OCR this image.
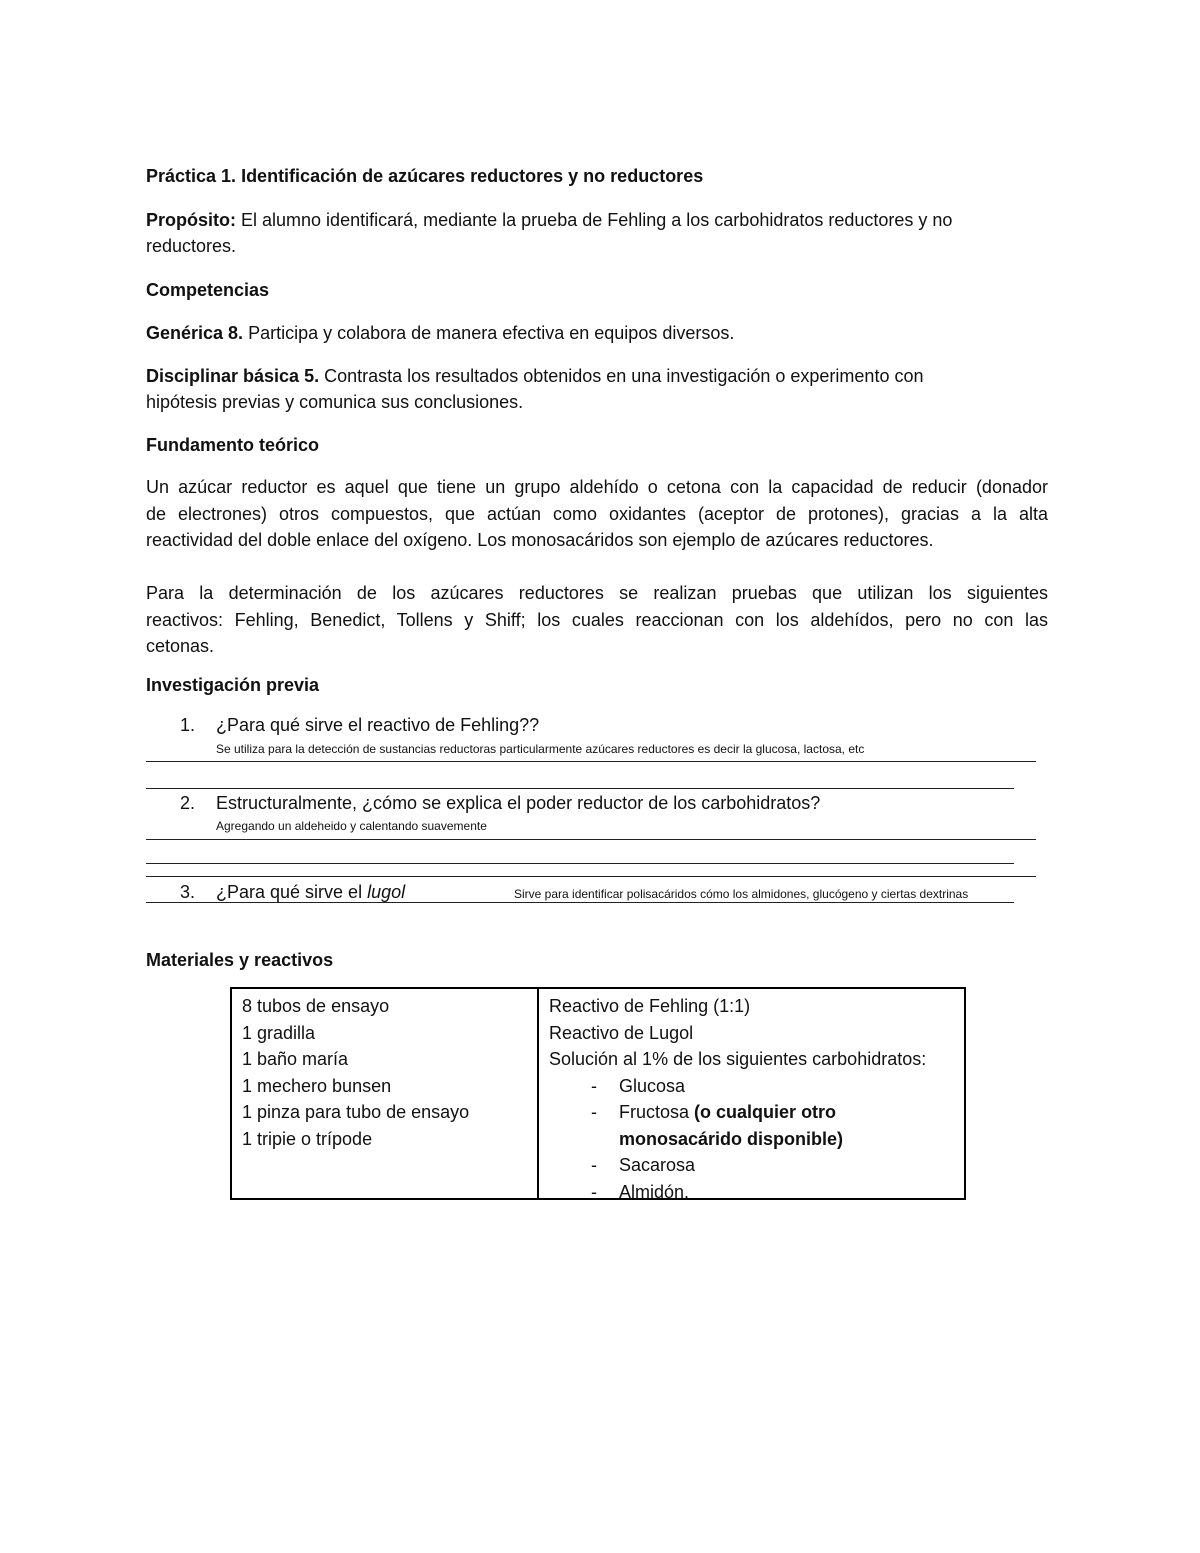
Práctica 1. Identificación de azúcares reductores y no reductores
Propósito: El alumno identificará, mediante la prueba de Fehling a los carbohidratos reductores y no
reductores.
Competencias
Genérica 8. Participa y colabora de manera efectiva en equipos diversos.
Disciplinar básica 5. Contrasta los resultados obtenidos en una investigación o experimento con
hipótesis previas y comunica sus conclusiones.
Fundamento teórico
Un azúcar reductor es aquel que tiene un grupo aldehído o cetona con la capacidad de reducir (donador
de electrones) otros compuestos, que actúan como oxidantes (aceptor de protones), gracias a la alta
reactividad del doble enlace del oxígeno. Los monosacáridos son ejemplo de azúcares reductores.
Para la determinación de los azúcares reductores se realizan pruebas que utilizan los siguientes
reactivos: Fehling, Benedict, Tollens y Shiff; los cuales reaccionan con los aldehídos, pero no con las
cetonas.
Investigación previa
1. ¿Para qué sirve el reactivo de Fehling??
Se utiliza para la detección de sustancias reductoras particularmente azúcares reductores es decir la glucosa, lactosa, etc
2. Estructuralmente, ¿cómo se explica el poder reductor de los carbohidratos?
Agregando un aldeheido y calentando suavemente
3. ¿Para qué sirve el lugol	Sirve para identificar polisacáridos cómo los almidones, glucógeno y ciertas dextrinas
Materiales y reactivos
8 tubos de ensayo
1 gradilla
1 baño maría
1 mechero bunsen
1 pinza para tubo de ensayo
1 tripie o trípode
Reactivo de Fehling (1:1)
Reactivo de Lugol
Solución al 1% de los siguientes carbohidratos:
- Glucosa
- Fructosa (o cualquier otro monosacárido disponible)
- Sacarosa
- Almidón.
